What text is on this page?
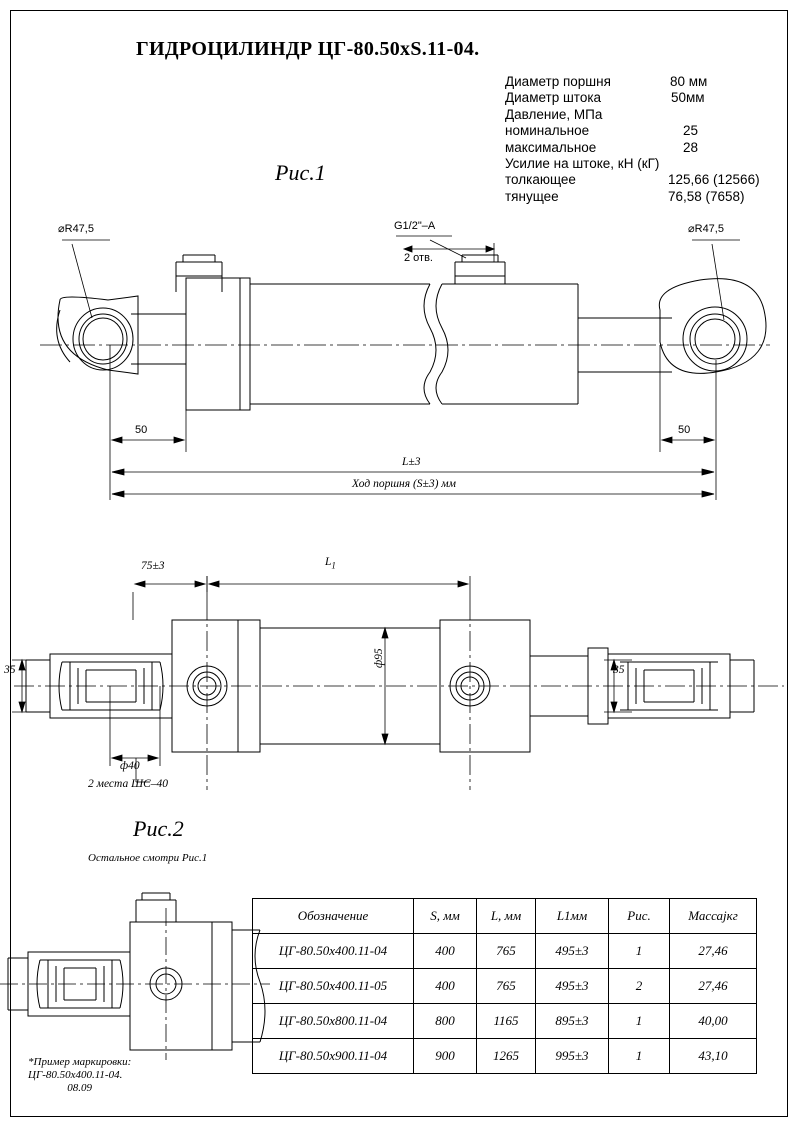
ГИДРОЦИЛИНДР ЦГ-80.50xS.11-04.
Диаметр поршня	80 мм
Диаметр штока	50мм
Давление, МПа
номинальное	25
максимальное	28
Усилие на штоке, кН (кГ)
толкающее	125,66 (12566)
тянущее	76,58 (7658)
Рис.1
⌀R47,5	⌀R47,5
G1/2"–A
2 отв.
50	50
L±3
Ход поршня (S±3) мм
75±3	$L_1$
ф95
35	35
ф40
2 места ШС–40
Рис.2
Остальное смотри Рис.1
*Пример маркировки:
ЦГ-80.50х400.11-04.
08.09
Обозначение	S, мм	L, мм	L1мм	Рис.	Массаjкг
ЦГ-80.50х400.11-04	400	765	495±3	1	27,46
ЦГ-80.50х400.11-05	400	765	495±3	2	27,46
ЦГ-80.50х800.11-04	800	1165	895±3	1	40,00
ЦГ-80.50х900.11-04	900	1265	995±3	1	43,10
